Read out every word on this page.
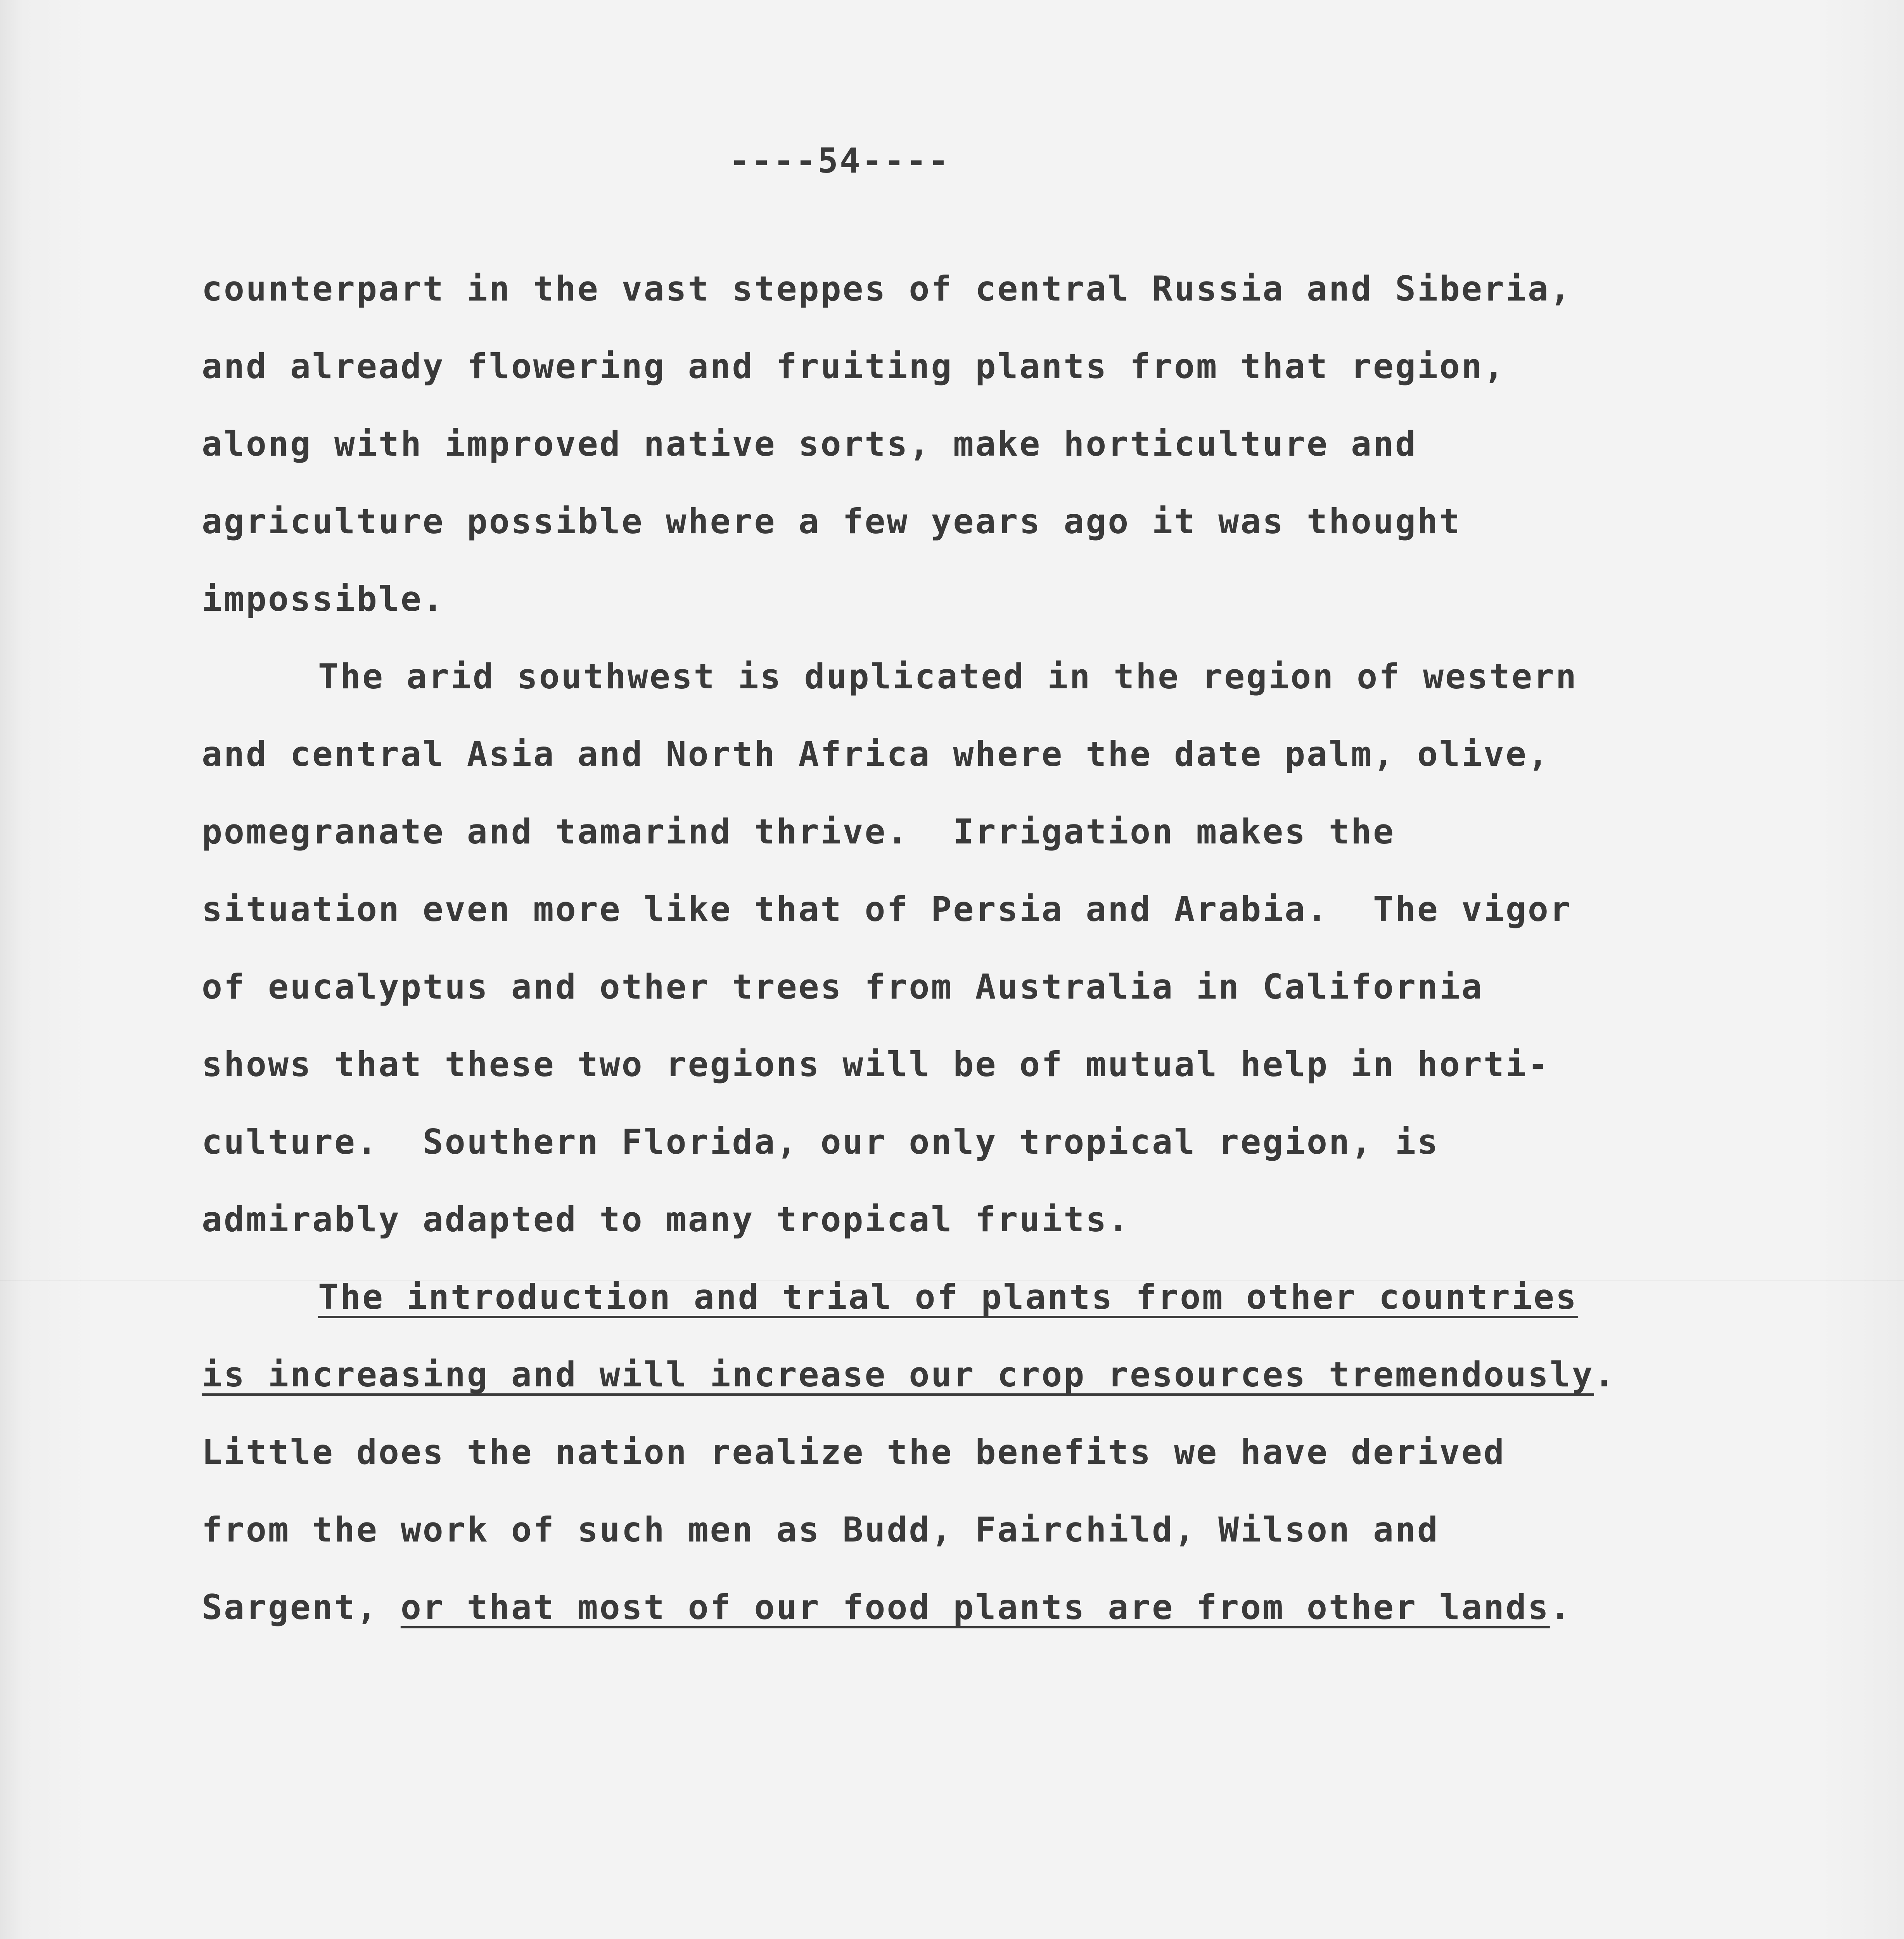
----54----

counterpart in the vast steppes of central Russia and Siberia,

and already flowering and fruiting plants from that region,

along with improved native sorts, make horticulture and

agriculture possible where a few years ago it was thought

impossible.

The arid southwest is duplicated in the region of western

and central Asia and North Africa where the date palm, olive,

pomegranate and tamarind thrive.  Irrigation makes the

situation even more like that of Persia and Arabia.  The vigor

of eucalyptus and other trees from Australia in California

shows that these two regions will be of mutual help in horti-

culture.  Southern Florida, our only tropical region, is

admirably adapted to many tropical fruits.

The introduction and trial of plants from other countries

is increasing and will increase our crop resources tremendously.

Little does the nation realize the benefits we have derived

from the work of such men as Budd, Fairchild, Wilson and

Sargent, or that most of our food plants are from other lands.
